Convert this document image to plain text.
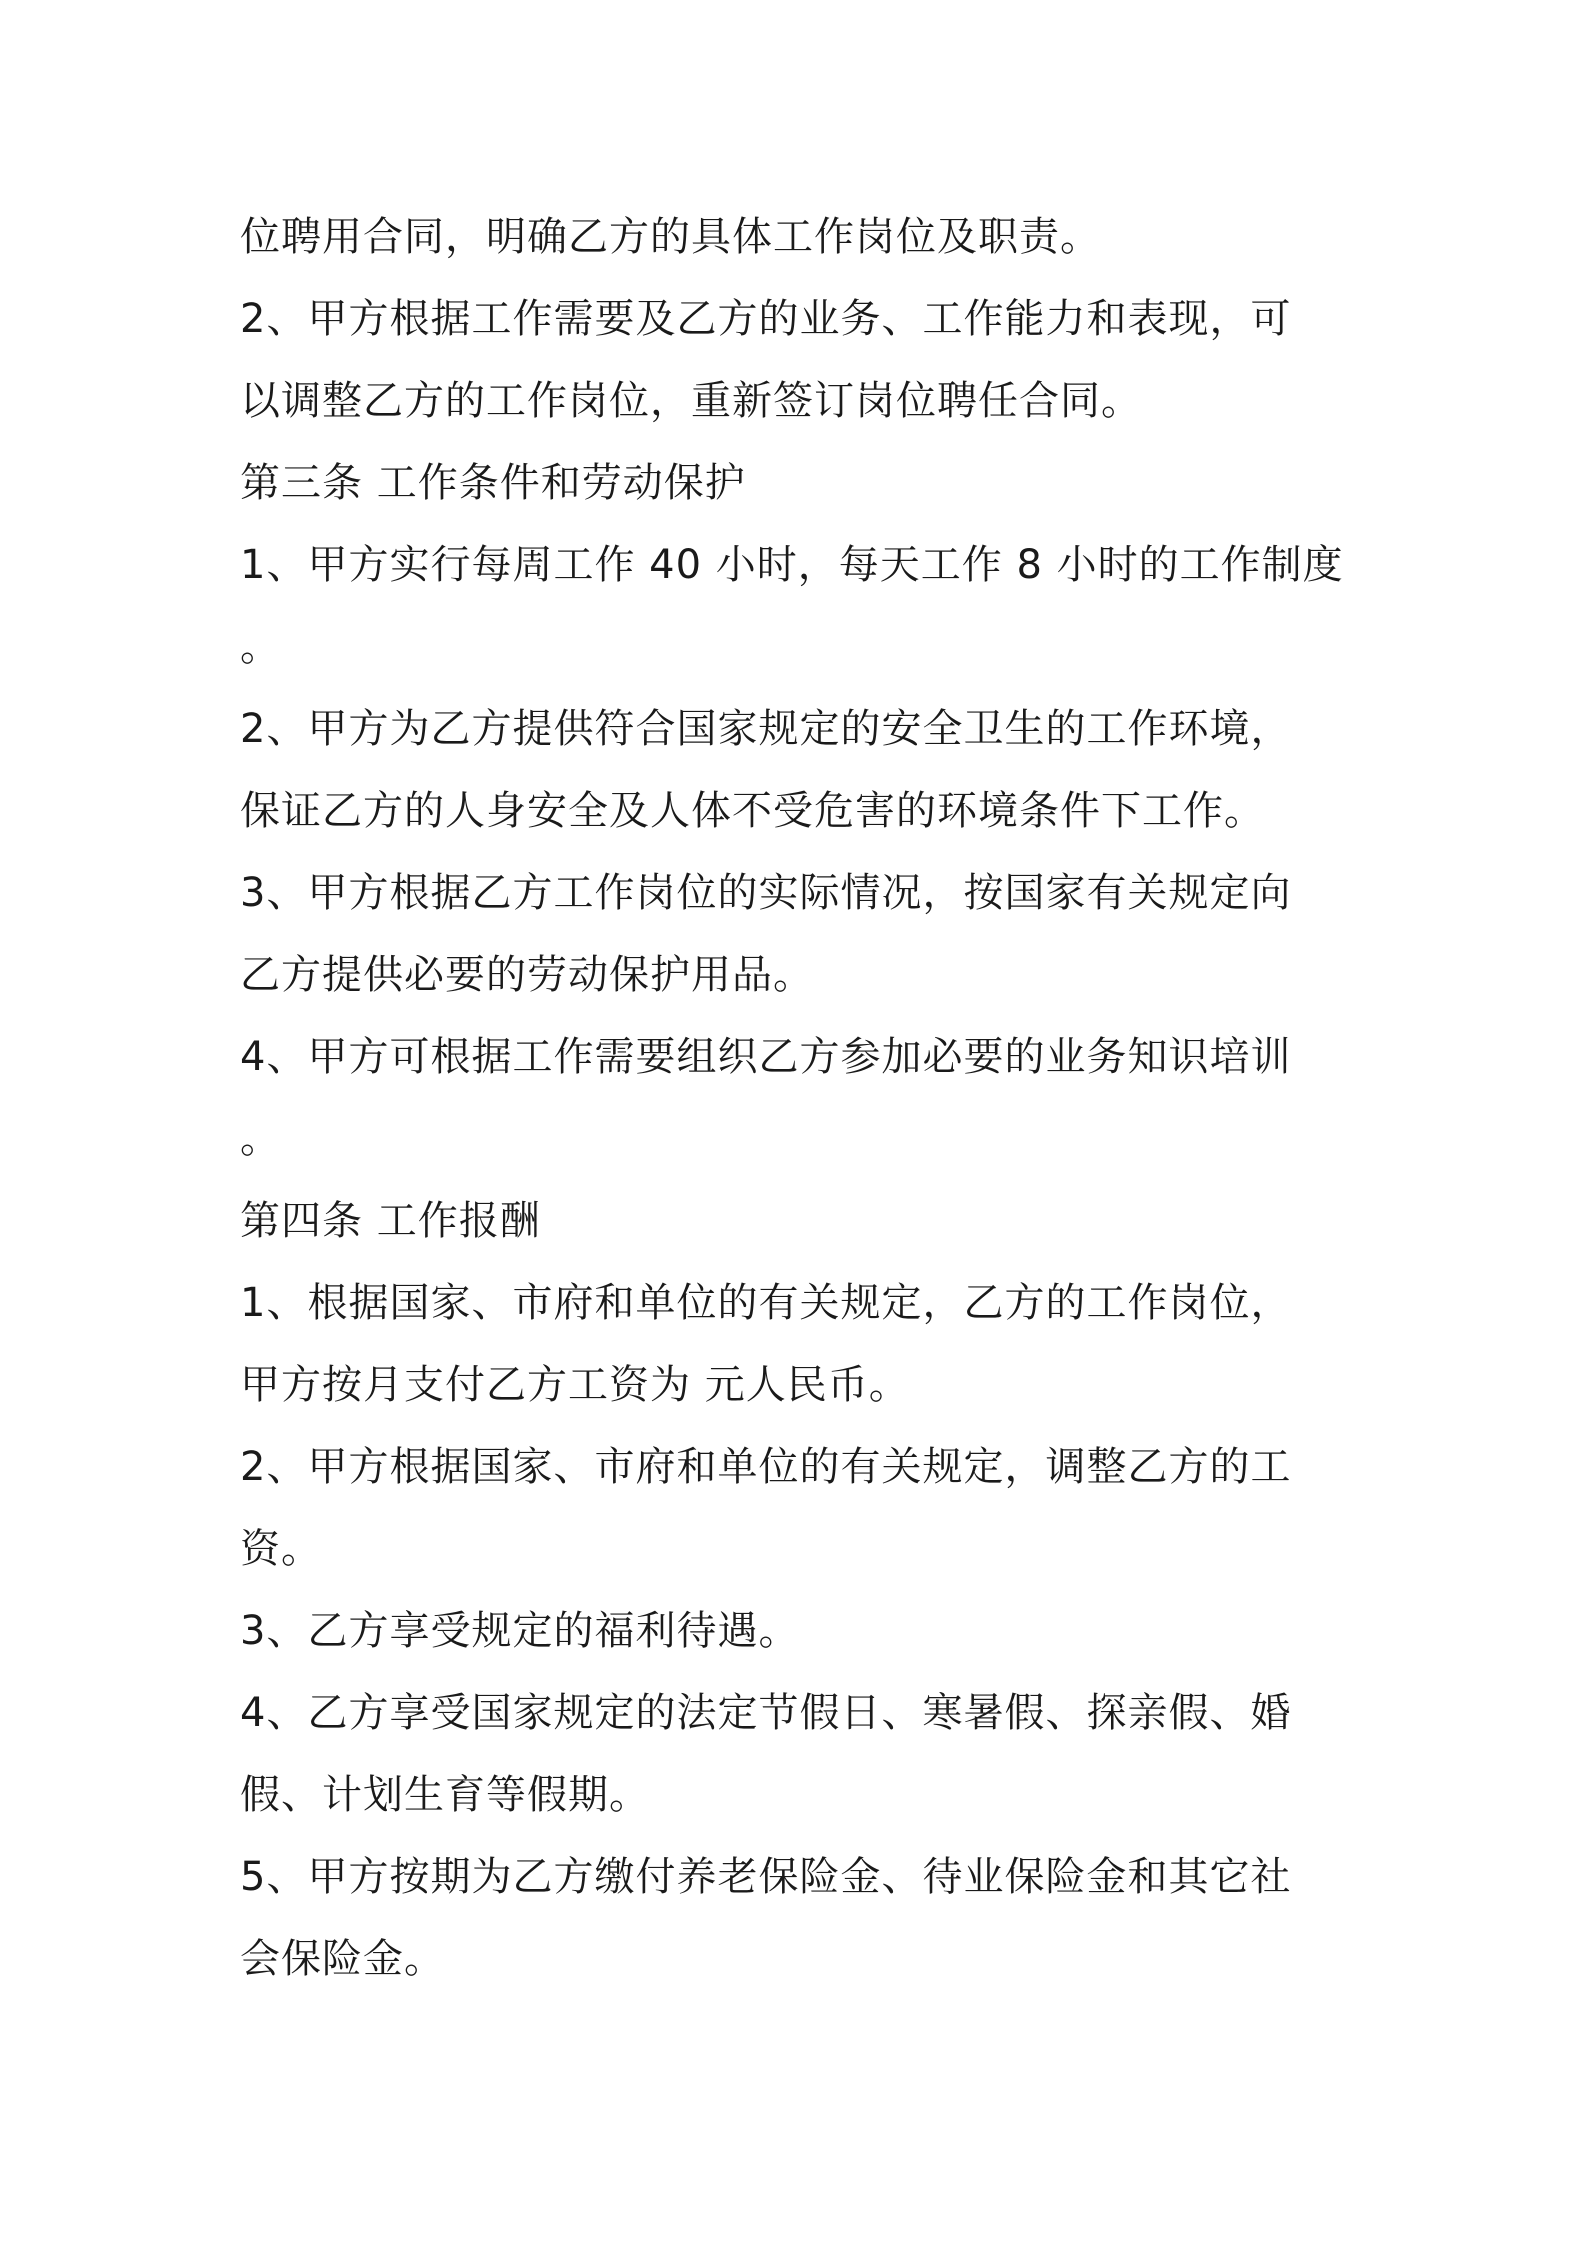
位聘用合同，明确乙方的具体工作岗位及职责。
2、甲方根据工作需要及乙方的业务、工作能力和表现，可
以调整乙方的工作岗位，重新签订岗位聘任合同。
第三条 工作条件和劳动保护
1、甲方实行每周工作 40 小时，每天工作 8 小时的工作制度
。
2、甲方为乙方提供符合国家规定的安全卫生的工作环境，
保证乙方的人身安全及人体不受危害的环境条件下工作。
3、甲方根据乙方工作岗位的实际情况，按国家有关规定向
乙方提供必要的劳动保护用品。
4、甲方可根据工作需要组织乙方参加必要的业务知识培训
。
第四条 工作报酬
1、根据国家、市府和单位的有关规定，乙方的工作岗位，
甲方按月支付乙方工资为 元人民币。
2、甲方根据国家、市府和单位的有关规定，调整乙方的工
资。
3、乙方享受规定的福利待遇。
4、乙方享受国家规定的法定节假日、寒暑假、探亲假、婚
假、计划生育等假期。
5、甲方按期为乙方缴付养老保险金、待业保险金和其它社
会保险金。
